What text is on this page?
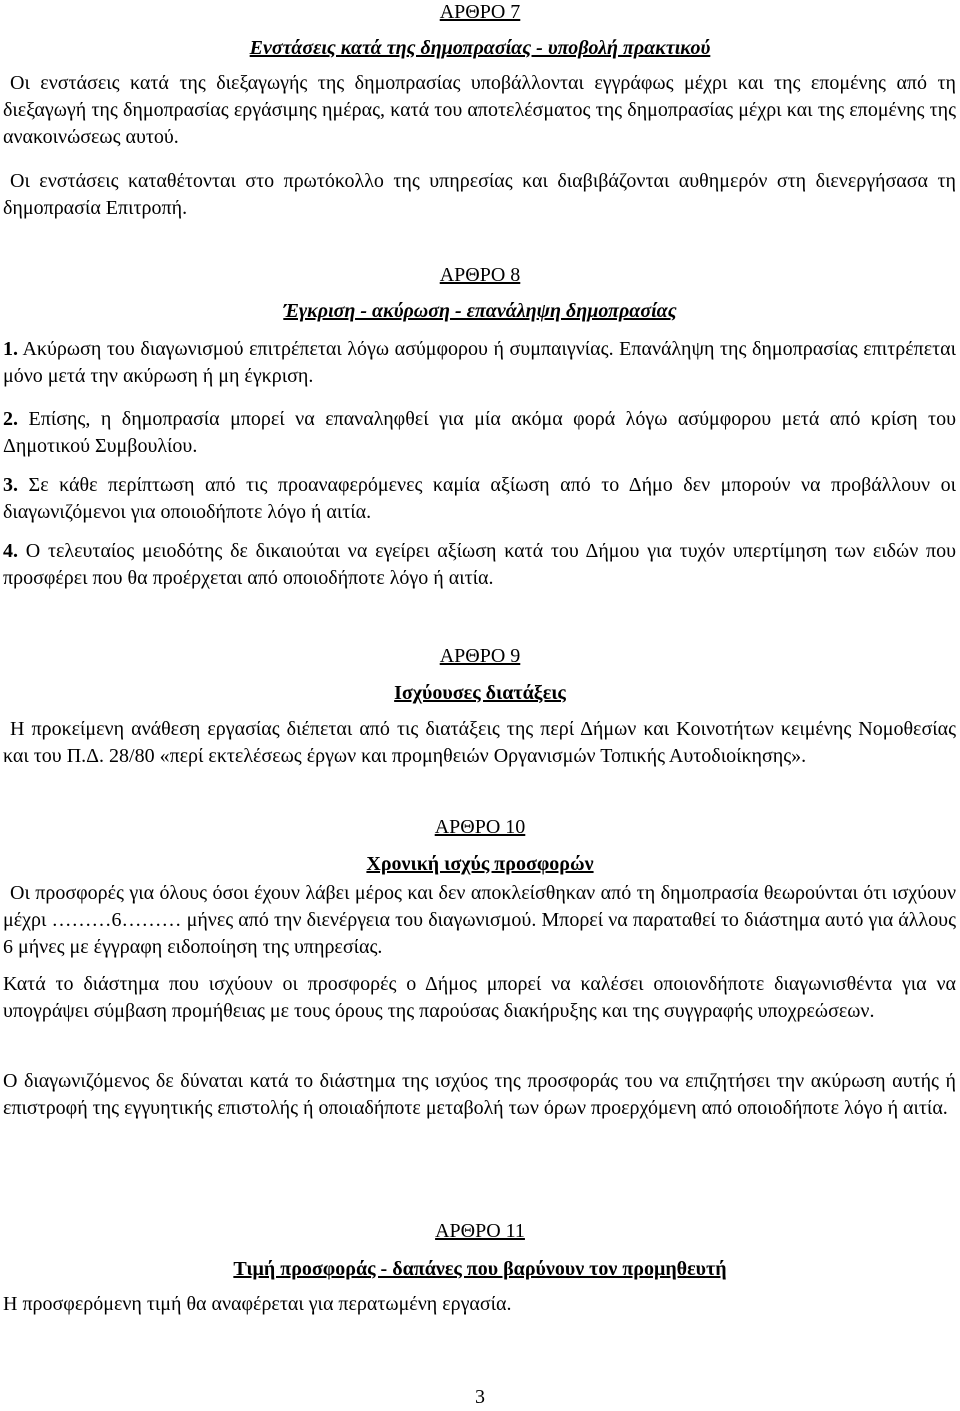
ΑΡΘΡΟ 7
Ενστάσεις κατά της δημοπρασίας - υποβολή πρακτικού
Οι ενστάσεις κατά της διεξαγωγής της δημοπρασίας υποβάλλονται εγγράφως μέχρι και της επομένης από τη διεξαγωγή της δημοπρασίας εργάσιμης ημέρας, κατά του αποτελέσματος της δημοπρασίας μέχρι και της επομένης της ανακοινώσεως αυτού.
Οι ενστάσεις καταθέτονται στο πρωτόκολλο της υπηρεσίας και διαβιβάζονται αυθημερόν στη διενεργήσασα τη δημοπρασία Επιτροπή.
ΑΡΘΡΟ 8
Έγκριση - ακύρωση - επανάληψη δημοπρασίας
1. Ακύρωση του διαγωνισμού επιτρέπεται λόγω ασύμφορου ή συμπαιγνίας. Επανάληψη της δημοπρασίας επιτρέπεται μόνο μετά την ακύρωση ή μη έγκριση.
2. Επίσης, η δημοπρασία μπορεί να επαναληφθεί για μία ακόμα φορά λόγω ασύμφορου μετά από κρίση του Δημοτικού Συμβουλίου.
3. Σε κάθε περίπτωση από τις προαναφερόμενες καμία αξίωση από το Δήμο δεν μπορούν να προβάλλουν οι διαγωνιζόμενοι για οποιοδήποτε λόγο ή αιτία.
4. Ο τελευταίος μειοδότης δε δικαιούται να εγείρει αξίωση κατά του Δήμου για τυχόν υπερτίμηση των ειδών που προσφέρει που θα προέρχεται από οποιοδήποτε λόγο ή αιτία.
ΑΡΘΡΟ 9
Ισχύουσες διατάξεις
Η προκείμενη ανάθεση εργασίας διέπεται από τις διατάξεις της περί Δήμων και Κοινοτήτων κειμένης Νομοθεσίας και του Π.Δ. 28/80 «περί εκτελέσεως έργων και προμηθειών Οργανισμών Τοπικής Αυτοδιοίκησης».
ΑΡΘΡΟ 10
Χρονική ισχύς προσφορών
Οι προσφορές για όλους όσοι έχουν λάβει μέρος και δεν αποκλείσθηκαν από τη δημοπρασία θεωρούνται ότι ισχύουν μέχρι ………6……… μήνες από την διενέργεια του διαγωνισμού. Μπορεί να παραταθεί το διάστημα αυτό για άλλους 6 μήνες με έγγραφη ειδοποίηση της υπηρεσίας.
Κατά το διάστημα που ισχύουν οι προσφορές ο Δήμος μπορεί να καλέσει οποιονδήποτε διαγωνισθέντα για να υπογράψει σύμβαση προμήθειας με τους όρους της παρούσας διακήρυξης και της συγγραφής υποχρεώσεων.
Ο διαγωνιζόμενος δε δύναται κατά το διάστημα της ισχύος της προσφοράς του να επιζητήσει την ακύρωση αυτής ή επιστροφή της εγγυητικής επιστολής ή οποιαδήποτε μεταβολή των όρων προερχόμενη από οποιοδήποτε λόγο ή αιτία.
ΑΡΘΡΟ 11
Τιμή προσφοράς - δαπάνες που βαρύνουν τον προμηθευτή
Η προσφερόμενη τιμή θα αναφέρεται για περατωμένη εργασία.
3
